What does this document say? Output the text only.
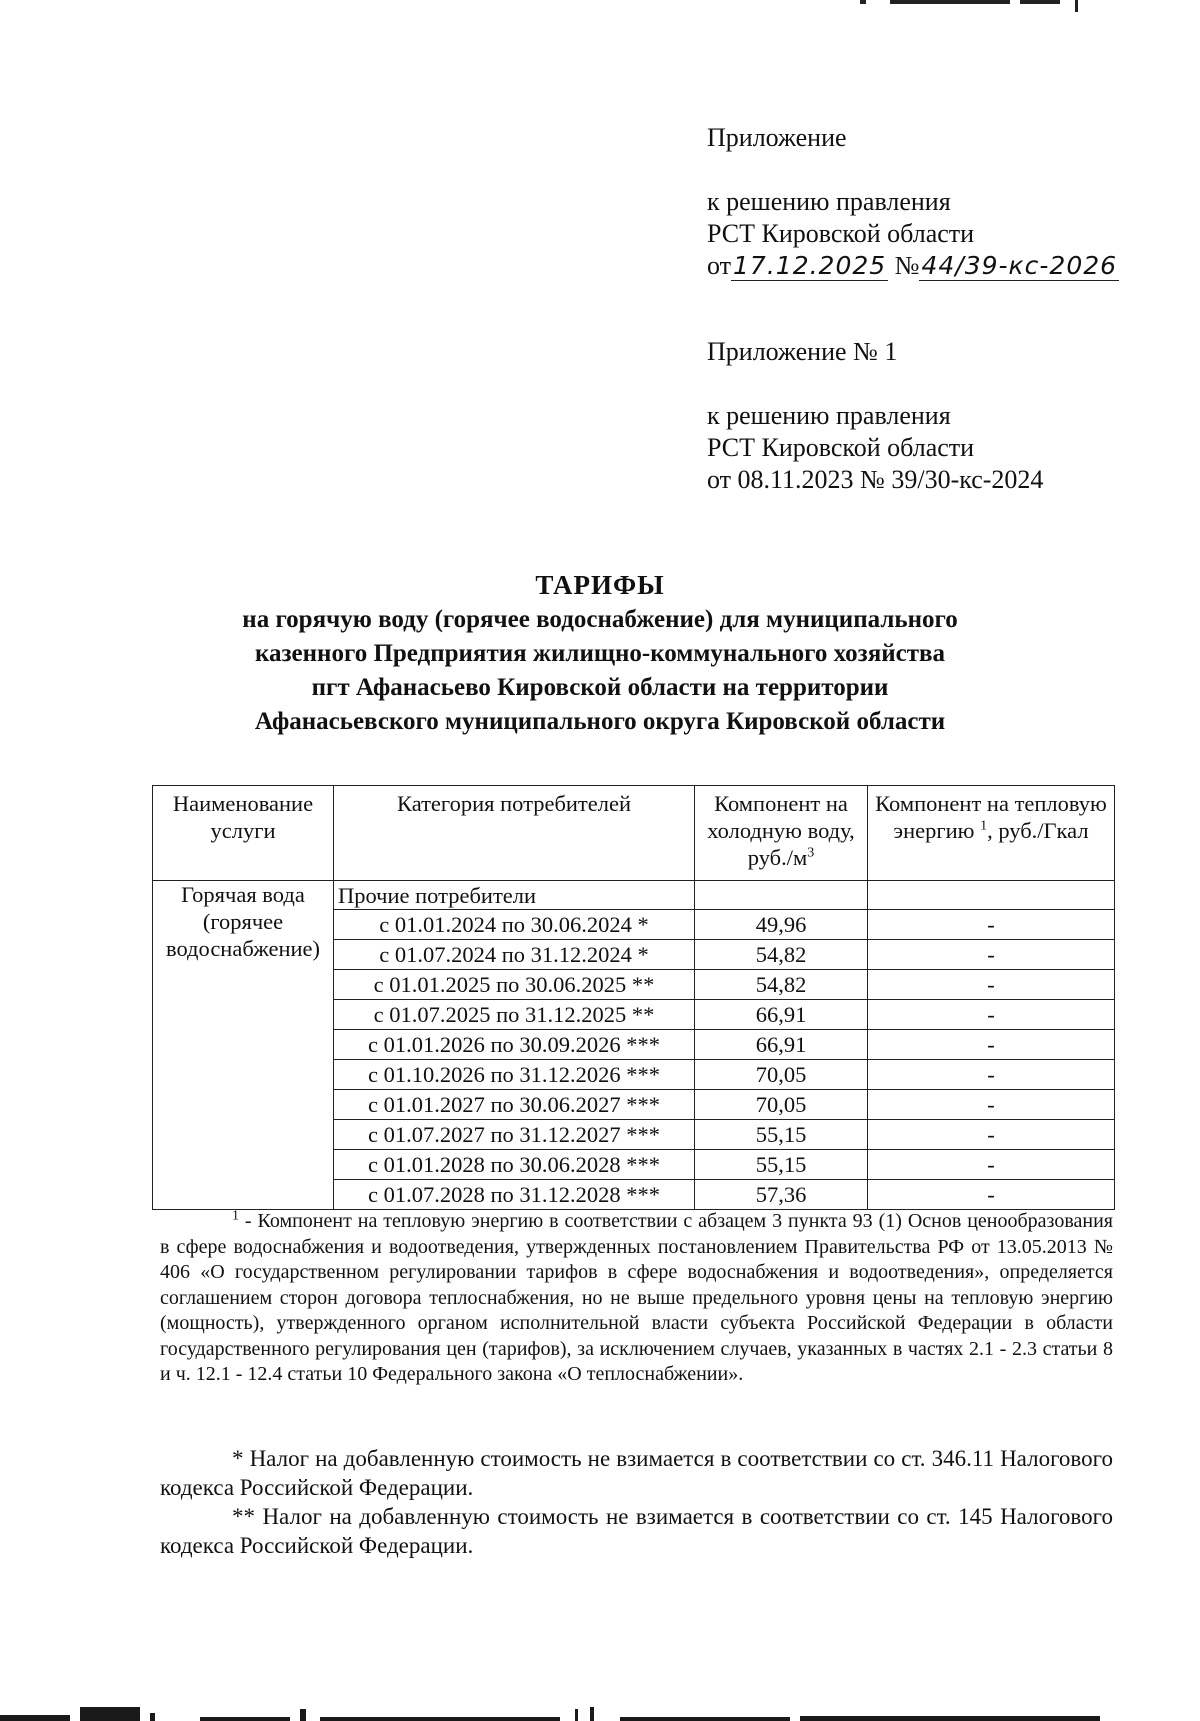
Приложение
к решению правления
РСТ Кировской области
от17.12.2025 №44/39-кс-2026
Приложение № 1
к решению правления
РСТ Кировской области
от 08.11.2023 № 39/30-кс-2024
ТАРИФЫ
на горячую воду (горячее водоснабжение) для муниципального
казенного Предприятия жилищно-коммунального хозяйства
пгт Афанасьево Кировской области на территории
Афанасьевского муниципального округа Кировской области
Наименование услуги	Категория потребителей	Компонент на холодную воду, $руб./м^3$	Компонент на тепловую энергию $^1$, руб./Гкал
Горячая вода (горячее водоснабжение)	Прочие потребители		
	с 01.01.2024 по 30.06.2024 *	49,96	-
	с 01.07.2024 по 31.12.2024 *	54,82	-
	с 01.01.2025 по 30.06.2025 **	54,82	-
	с 01.07.2025 по 31.12.2025 **	66,91	-
	с 01.01.2026 по 30.09.2026 ***	66,91	-
	с 01.10.2026 по 31.12.2026 ***	70,05	-
	с 01.01.2027 по 30.06.2027 ***	70,05	-
	с 01.07.2027 по 31.12.2027 ***	55,15	-
	с 01.01.2028 по 30.06.2028 ***	55,15	-
	с 01.07.2028 по 31.12.2028 ***	57,36	-

$^1$ - Компонент на тепловую энергию в соответствии с абзацем 3 пункта 93 (1) Основ ценообразования в сфере водоснабжения и водоотведения, утвержденных постановлением Правительства РФ от 13.05.2013 № 406 «О государственном регулировании тарифов в сфере водоснабжения и водоотведения», определяется соглашением сторон договора теплоснабжения, но не выше предельного уровня цены на тепловую энергию (мощность), утвержденного органом исполнительной власти субъекта Российской Федерации в области государственного регулирования цен (тарифов), за исключением случаев, указанных в частях 2.1 - 2.3 статьи 8 и ч. 12.1 - 12.4 статьи 10 Федерального закона «О теплоснабжении».

* Налог на добавленную стоимость не взимается в соответствии со ст. 346.11 Налогового кодекса Российской Федерации.

** Налог на добавленную стоимость не взимается в соответствии со ст. 145 Налогового кодекса Российской Федерации.
